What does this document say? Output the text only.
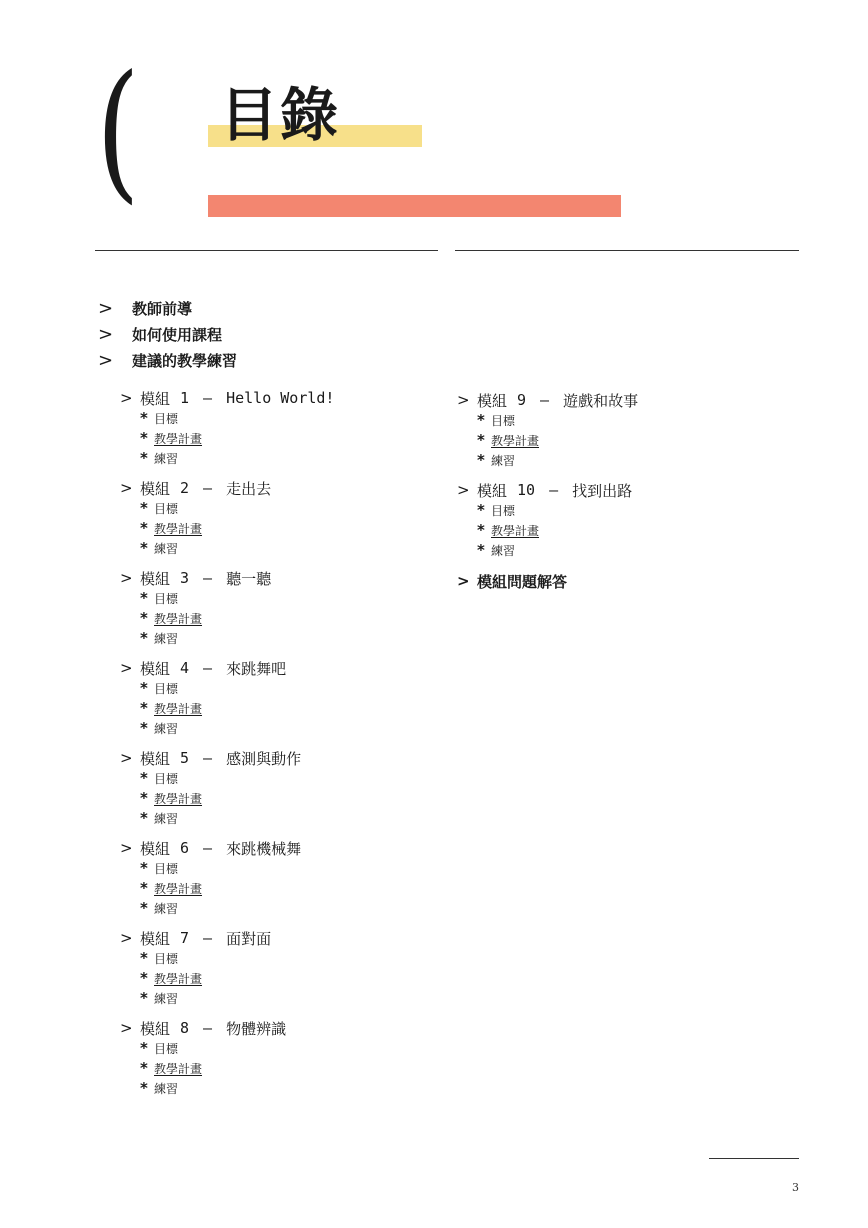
( 目錄
>	教師前導
>	如何使用課程
>	建議的教學練習
> 模組 1 – Hello World!
* 目標
* 教學計畫
* 練習
> 模組 2 – 走出去
* 目標
* 教學計畫
* 練習
> 模組 3 – 聽一聽
* 目標
* 教學計畫
* 練習
> 模組 4 – 來跳舞吧
* 目標
* 教學計畫
* 練習
> 模組 5 – 感測與動作
* 目標
* 教學計畫
* 練習
> 模組 6 – 來跳機械舞
* 目標
* 教學計畫
* 練習
> 模組 7 – 面對面
* 目標
* 教學計畫
* 練習
> 模組 8 – 物體辨識
* 目標
* 教學計畫
* 練習
> 模組 9 – 遊戲和故事
* 目標
* 教學計畫
* 練習
> 模組 10 – 找到出路
* 目標
* 教學計畫
* 練習
> 模組問題解答
3
